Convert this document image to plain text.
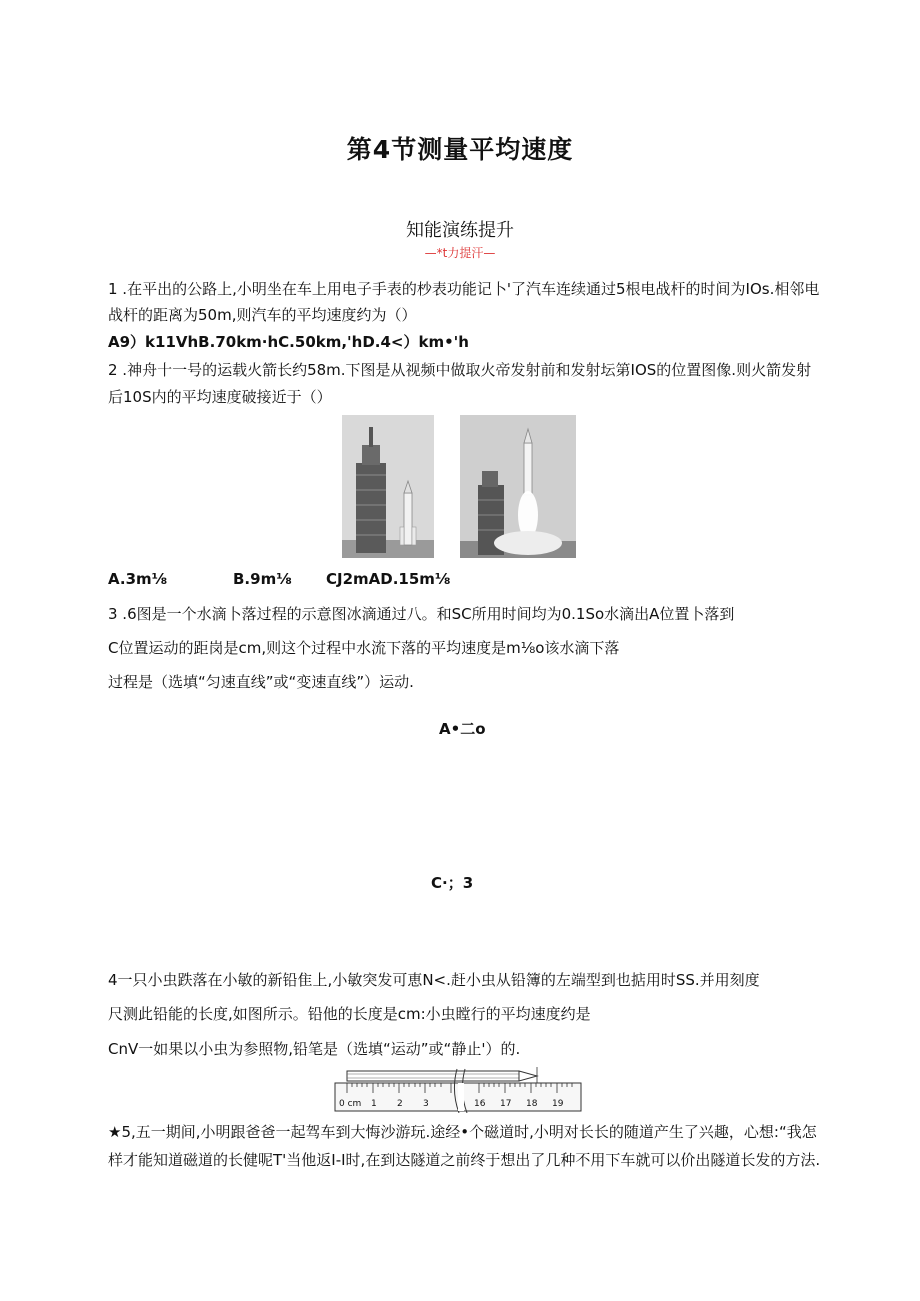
第4节测量平均速度
知能演练提升
—*t力提汗—
1 .在平出的公路上,小明坐在车上用电子手表的杪表功能记卜'了汽车连续通过5根电战杆的时间为IOs.相邻电
战杆的距离为50m,则汽车的平均速度约为（）
A9）k11VhB.70km·hC.50km,'hD.4<）km•'h
2 .神舟十一号的运载火箭长约58m.下图是从视频中做取火帝发射前和发射坛第IOS的位置图像.则火箭发射
后10S内的平均速度破接近于（）
A.3m⅛	B.9m⅛ CJ2mAD.15m⅛
3 .6图是一个水滴卜落过程的示意图冰滴通过八。和SC所用时间均为0.1So水滴出A位置卜落到
C位置运动的距岗是cm,则这个过程中水流下落的平均速度是m⅛o该水滴下落
过程是（选填“匀速直线”或“变速直线”）运动.
A•二o
C·；3
4一只小虫跌落在小敏的新铅隹上,小敏突发可恵N<.赶小虫从铅簿的左端型到也掂用时SS.并用刻度
尺测此铅能的长度,如图所示。铅他的长度是cm:小虫瞠行的平均速度约是
CnV一如果以小虫为参照物,铅笔是（选填“运动”或“静止'）的.
0 cm 1 2 3	16 17 18 19
★5,五一期间,小明跟爸爸一起驾车到大悔沙游玩.途经•个磁道时,小明对长长的随道产生了兴趣，心想:“我怎
样才能知道磁道的长健呢T'当他返I-I时,在到达隧道之前终于想出了几种不用下车就可以价出隧道长发的方法.
